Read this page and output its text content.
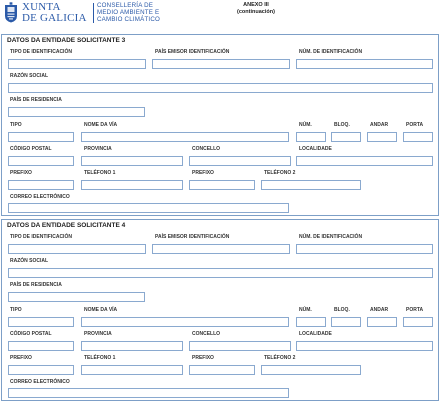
XUNTA
DE GALICIA
CONSELLERÍA DE
MEDIO AMBIENTE E
CAMBIO CLIMÁTICO
ANEXO III
(continuación)
DATOS DA ENTIDADE SOLICITANTE 3
TIPO DE IDENTIFICACIÓN	PAÍS EMISOR IDENTIFICACIÓN	NÚM. DE IDENTIFICACIÓN
RAZÓN SOCIAL
PAÍS DE RESIDENCIA
TIPO	NOME DA VÍA	NÚM.	BLOQ.	ANDAR	PORTA
CÓDIGO POSTAL	PROVINCIA	CONCELLO	LOCALIDADE
PREFIXO	TELÉFONO 1	PREFIXO	TELÉFONO 2
CORREO ELECTRÓNICO
DATOS DA ENTIDADE SOLICITANTE 4
TIPO DE IDENTIFICACIÓN	PAÍS EMISOR IDENTIFICACIÓN	NÚM. DE IDENTIFICACIÓN
RAZÓN SOCIAL
PAÍS DE RESIDENCIA
TIPO	NOME DA VÍA	NÚM.	BLOQ.	ANDAR	PORTA
CÓDIGO POSTAL	PROVINCIA	CONCELLO	LOCALIDADE
PREFIXO	TELÉFONO 1	PREFIXO	TELÉFONO 2
CORREO ELECTRÓNICO
